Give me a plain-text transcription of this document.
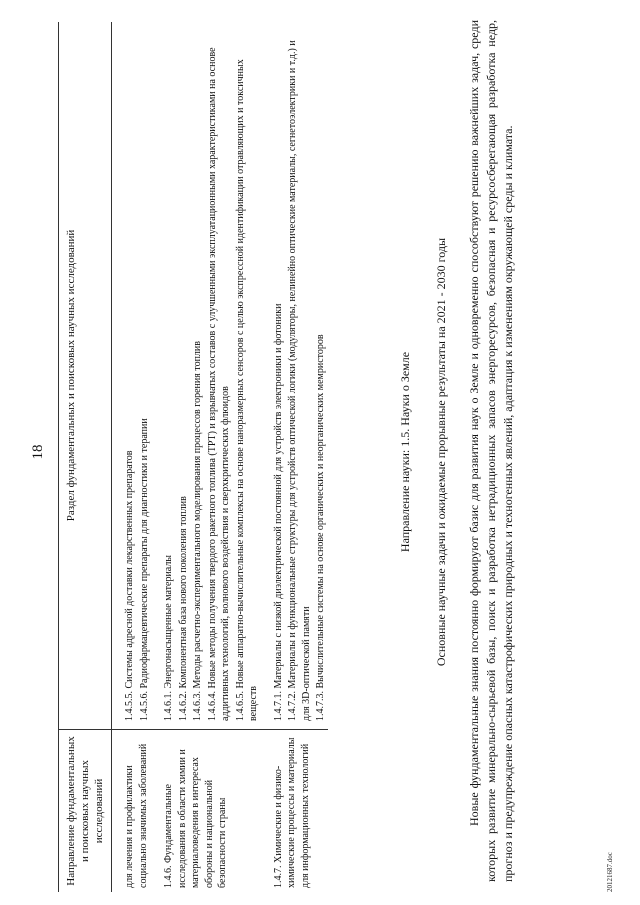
18
Направление фундаментальных и поисковых научных исследований	Раздел фундаментальных и поисковых научных исследований

для лечения и профилактики социально значимых заболеваний	1.4.5.5. Системы адресной доставки лекарственных препаратов
	1.4.5.6. Радиофармацевтические препараты для диагностики и терапии

1.4.6. Фундаментальные исследования в области химии и материаловедения в интересах обороны и национальной безопасности страны	1.4.6.1. Энергонасыщенные материалы
	1.4.6.2. Компонентная база нового поколения топлив
	1.4.6.3. Методы расчетно-экспериментального моделирования процессов горения топлив
	1.4.6.4. Новые методы получения твердого ракетного топлива (ТРТ) и взрывчатых составов с улучшенными эксплуатационными характеристиками на основе аддитивных технологий, волнового воздействия и сверхкритических флюидов
	1.4.6.5. Новые аппаратно-вычислительные комплексы на основе наноразмерных сенсоров с целью экспрессной идентификации отравляющих и токсичных веществ

1.4.7. Химические и физико-химические процессы и материалы для информационных технологий	1.4.7.1. Материалы с низкой диэлектрической постоянной для устройств электроники и фотоники
	1.4.7.2. Материалы и функциональные структуры для устройств оптической логики (модуляторы, нелинейно оптические материалы, сегнетоэлектрики и т.д.) и для 3D-оптической памяти
	1.4.7.3. Вычислительные системы на основе органических и неорганических мемристоров	Направление науки: 1.5. Науки о Земле Основные научные задачи и ожидаемые прорывные результаты на 2021 - 2030 годы Новые фундаментальные знания постоянно формируют базис для развития наук о Земле и одновременно способствуют решению важнейших задач, среди которых развитие минерально-сырьевой базы, поиск и разработка нетрадиционных запасов энергоресурсов, безопасная и ресурсосберегающая разработка недр, прогноз и предупреждение опасных катастрофических природных и техногенных явлений, адаптация к изменениям окружающей среды и климата.	20121687.doc
